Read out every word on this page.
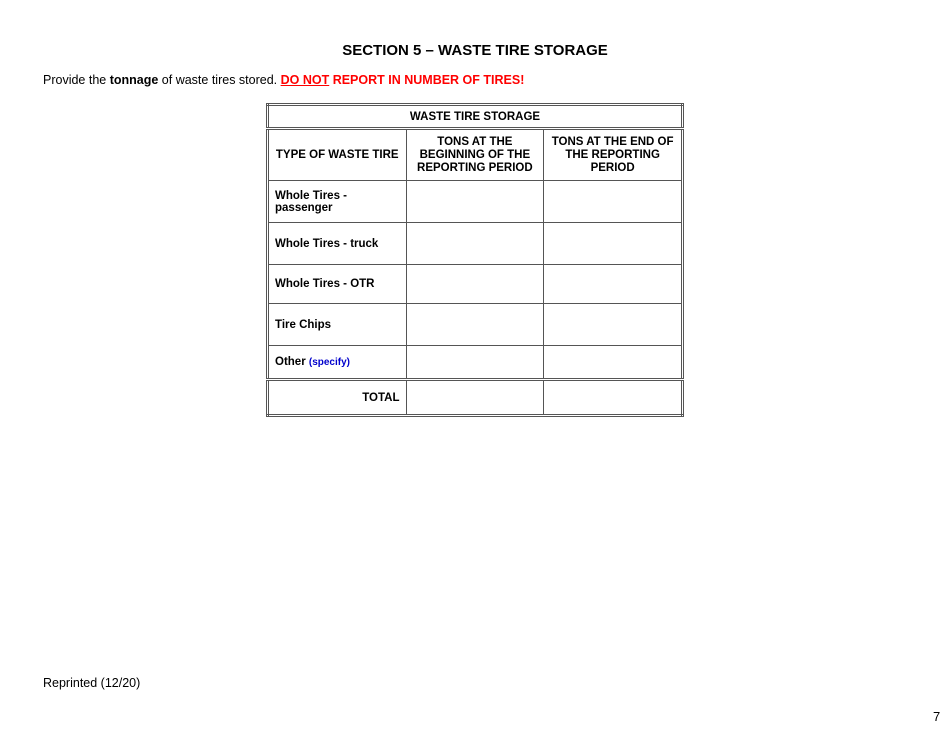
SECTION 5 – WASTE TIRE STORAGE

Provide the tonnage of waste tires stored. DO NOT REPORT IN NUMBER OF TIRES!

WASTE TIRE STORAGE		
TYPE OF WASTE TIRE	TONS AT THE BEGINNING OF THE REPORTING PERIOD	TONS AT THE END OF THE REPORTING PERIOD
Whole Tires - passenger		
Whole Tires - truck		
Whole Tires - OTR		
Tire Chips		
Other (specify)		
TOTAL		

Reprinted (12/20)

7
